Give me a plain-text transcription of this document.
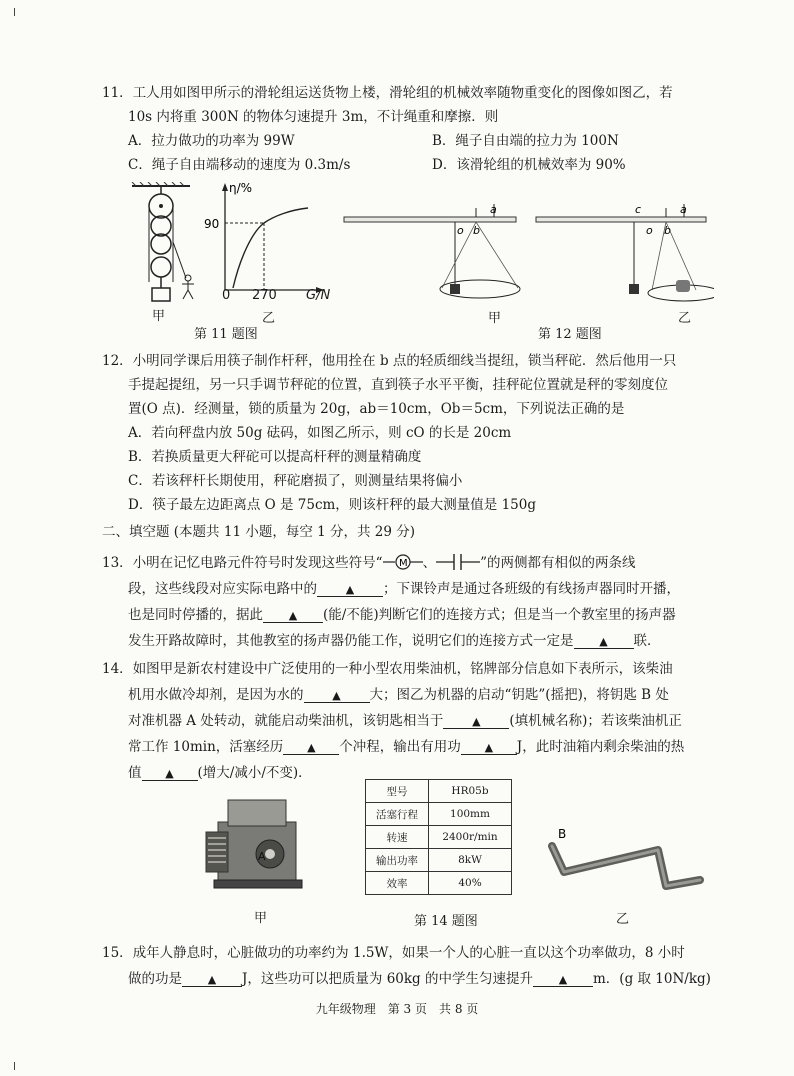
11．工人用如图甲所示的滑轮组运送货物上楼，滑轮组的机械效率随物重变化的图像如图乙，若
10s 内将重 300N 的物体匀速提升 3m，不计绳重和摩擦．则
A．拉力做功的功率为 99W	B．绳子自由端的拉力为 100N
C．绳子自由端移动的速度为 0.3m/s	D．该滑轮组的机械效率为 90%
甲
η/%
90
0 270 G/N
乙
第 11 题图
a
b
o
甲
c	a
b
o
乙
第 12 题图
12．小明同学课后用筷子制作杆秤，他用拴在 b 点的轻质细线当提纽，锁当秤砣．然后他用一只
手提起提纽，另一只手调节秤砣的位置，直到筷子水平平衡，挂秤砣位置就是秤的零刻度位
置(O 点)．经测量，锁的质量为 20g，ab＝10cm，Ob＝5cm，下列说法正确的是
A．若向秤盘内放 50g 砝码，如图乙所示，则 cO 的长是 20cm
B．若换质量更大秤砣可以提高杆秤的测量精确度
C．若该秤杆长期使用，秤砣磨损了，则测量结果将偏小
D．筷子最左边距离点 O 是 75cm，则该杆秤的最大测量值是 150g
二、填空题 (本题共 11 小题，每空 1 分，共 29 分)
13．小明在记忆电路元件符号时发现这些符号“ M 、	”的两侧都有相似的两条线
段，这些线段对应实际电路中的	▲ ；下课铃声是通过各班级的有线扬声器同时开播，
也是同时停播的，据此 ▲ (能/不能)判断它们的连接方式；但是当一个教室里的扬声器
发生开路故障时，其他教室的扬声器仍能工作，说明它们的连接方式一定是 ▲ 联．
14．如图甲是新农村建设中广泛使用的一种小型农用柴油机，铭牌部分信息如下表所示，该柴油
机用水做冷却剂，是因为水的	▲ 大；图乙为机器的启动“钥匙”(摇把)，将钥匙 B 处
对准机器 A 处转动，就能启动柴油机，该钥匙相当于	▲ (填机械名称)；若该柴油机正
常工作 10min，活塞经历 ▲ 个冲程，输出有用功 ▲ J，此时油箱内剩余柴油的热
值 ▲ (增大/减小/不变)．
A
甲
型号	HR05b
活塞行程	100mm
转速	2400r/min
输出功率	8kW
效率	40%
第 14 题图
B
乙
15．成年人静息时，心脏做功的功率约为 1.5W，如果一个人的心脏一直以这个功率做功，8 小时
做的功是 ▲ J，这些功可以把质量为 60kg 的中学生匀速提升 ▲ m．(g 取 10N/kg)
九年级物理　第 3 页　共 8 页
